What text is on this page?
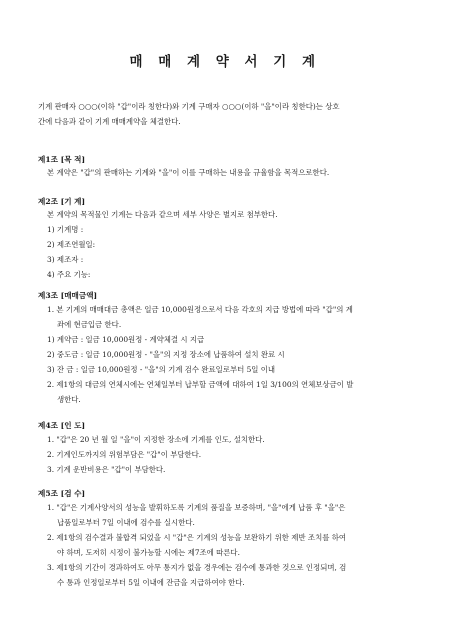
매 매 계 약 서 기 계
기계 판매자 ○○○(이하 "갑"이라 칭한다)와 기계 구매자 ○○○(이하 "을"이라 칭한다)는 상호
간에 다음과 같이 기계 매매계약을 체결한다.
제1조 [목 적]
본 계약은 "갑"의 판매하는 기계와 "을"이 이를 구매하는 내용을 규율함을 목적으로한다.
제2조 [기 계]
본 계약의 목적물인 기계는 다음과 같으며 세부 사양은 별지로 첨부한다.
1) 기계명 :
2) 제조연월일:
3) 제조자 :
4) 주요 기능:
제3조 [매매금액]
1. 본 기계의 매매대금 총액은 일금 10,000원정으로서 다음 각호의 지급 방법에 따라 "갑"의 계
좌에 현금입금 한다.
1) 계약금 : 일금 10,000원정 - 계약체결 시 지급
2) 중도금 : 일금 10,000원정 - "을"의 지정 장소에 납품하여 설치 완료 시
3) 잔 금 : 일금 10,000원정 - "을"의 기계 검수 완료일로부터 5일 이내
2. 제1항의 대금의 연체시에는 연체일부터 납부할 금액에 대하여 1일 3/100의 연체보상금이 발
생한다.
제4조 [인 도]
1. "갑"은 20 년 월 일 "을"이 지정한 장소에 기계를 인도, 설치한다.
2. 기계인도까지의 위험부담은 "갑"이 부담한다.
3. 기계 운반비용은 "갑"이 부담한다.
제5조 [검 수]
1. "갑"은 기계사양서의 성능을 발휘하도록 기계의 품질을 보증하며, "을"에게 납품 후 "을"은
납품일로부터 7일 이내에 검수를 실시한다.
2. 제1항의 검수결과 불합격 되었을 시 "갑"은 기계의 성능을 보완하기 위한 제반 조치를 하여
야 하며, 도저히 시정이 불가능할 시에는 제7조에 따른다.
3. 제1항의 기간이 경과하여도 아무 통지가 없을 경우에는 검수에 통과한 것으로 인정되며, 검
수 통과 인정일로부터 5일 이내에 잔금을 지급하여야 한다.
